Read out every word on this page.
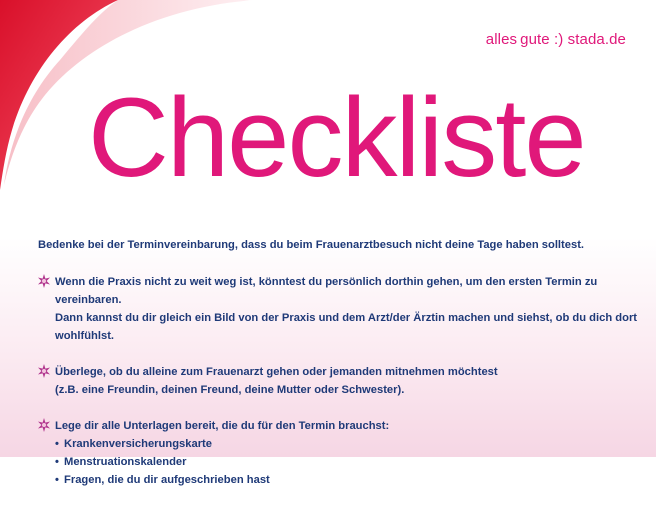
alles gute :) stada.de
Checkliste
Bedenke bei der Terminvereinbarung, dass du beim Frauenarztbesuch nicht deine Tage haben solltest.
Wenn die Praxis nicht zu weit weg ist, könntest du persönlich dorthin gehen, um den ersten Termin zu vereinbaren.
Dann kannst du dir gleich ein Bild von der Praxis und dem Arzt/der Ärztin machen und siehst, ob du dich dort
wohlfühlst.
Überlege, ob du alleine zum Frauenarzt gehen oder jemanden mitnehmen möchtest
(z.B. eine Freundin, deinen Freund, deine Mutter oder Schwester).
Lege dir alle Unterlagen bereit, die du für den Termin brauchst:
• Krankenversicherungskarte
• Menstruationskalender
• Fragen, die du dir aufgeschrieben hast
